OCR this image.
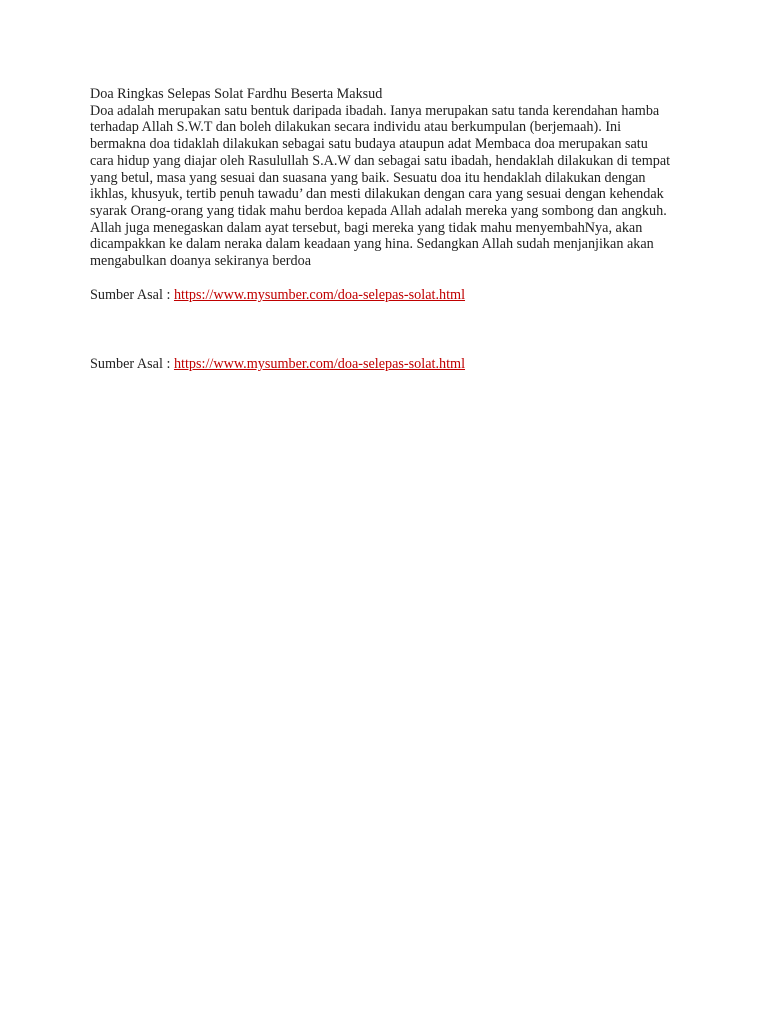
Doa Ringkas Selepas Solat Fardhu Beserta Maksud

Doa adalah merupakan satu bentuk daripada ibadah. Ianya merupakan satu tanda kerendahan hamba
terhadap Allah S.W.T dan boleh dilakukan secara individu atau berkumpulan (berjemaah). Ini
bermakna doa tidaklah dilakukan sebagai satu budaya ataupun adat Membaca doa merupakan satu
cara hidup yang diajar oleh Rasulullah S.A.W dan sebagai satu ibadah, hendaklah dilakukan di tempat
yang betul, masa yang sesuai dan suasana yang baik. Sesuatu doa itu hendaklah dilakukan dengan
ikhlas, khusyuk, tertib penuh tawadu’ dan mesti dilakukan dengan cara yang sesuai dengan kehendak
syarak Orang-orang yang tidak mahu berdoa kepada Allah adalah mereka yang sombong dan angkuh.
Allah juga menegaskan dalam ayat tersebut, bagi mereka yang tidak mahu menyembahNya, akan
dicampakkan ke dalam neraka dalam keadaan yang hina. Sedangkan Allah sudah menjanjikan akan
mengabulkan doanya sekiranya berdoa

Sumber Asal : https://www.mysumber.com/doa-selepas-solat.html

Sumber Asal : https://www.mysumber.com/doa-selepas-solat.html
